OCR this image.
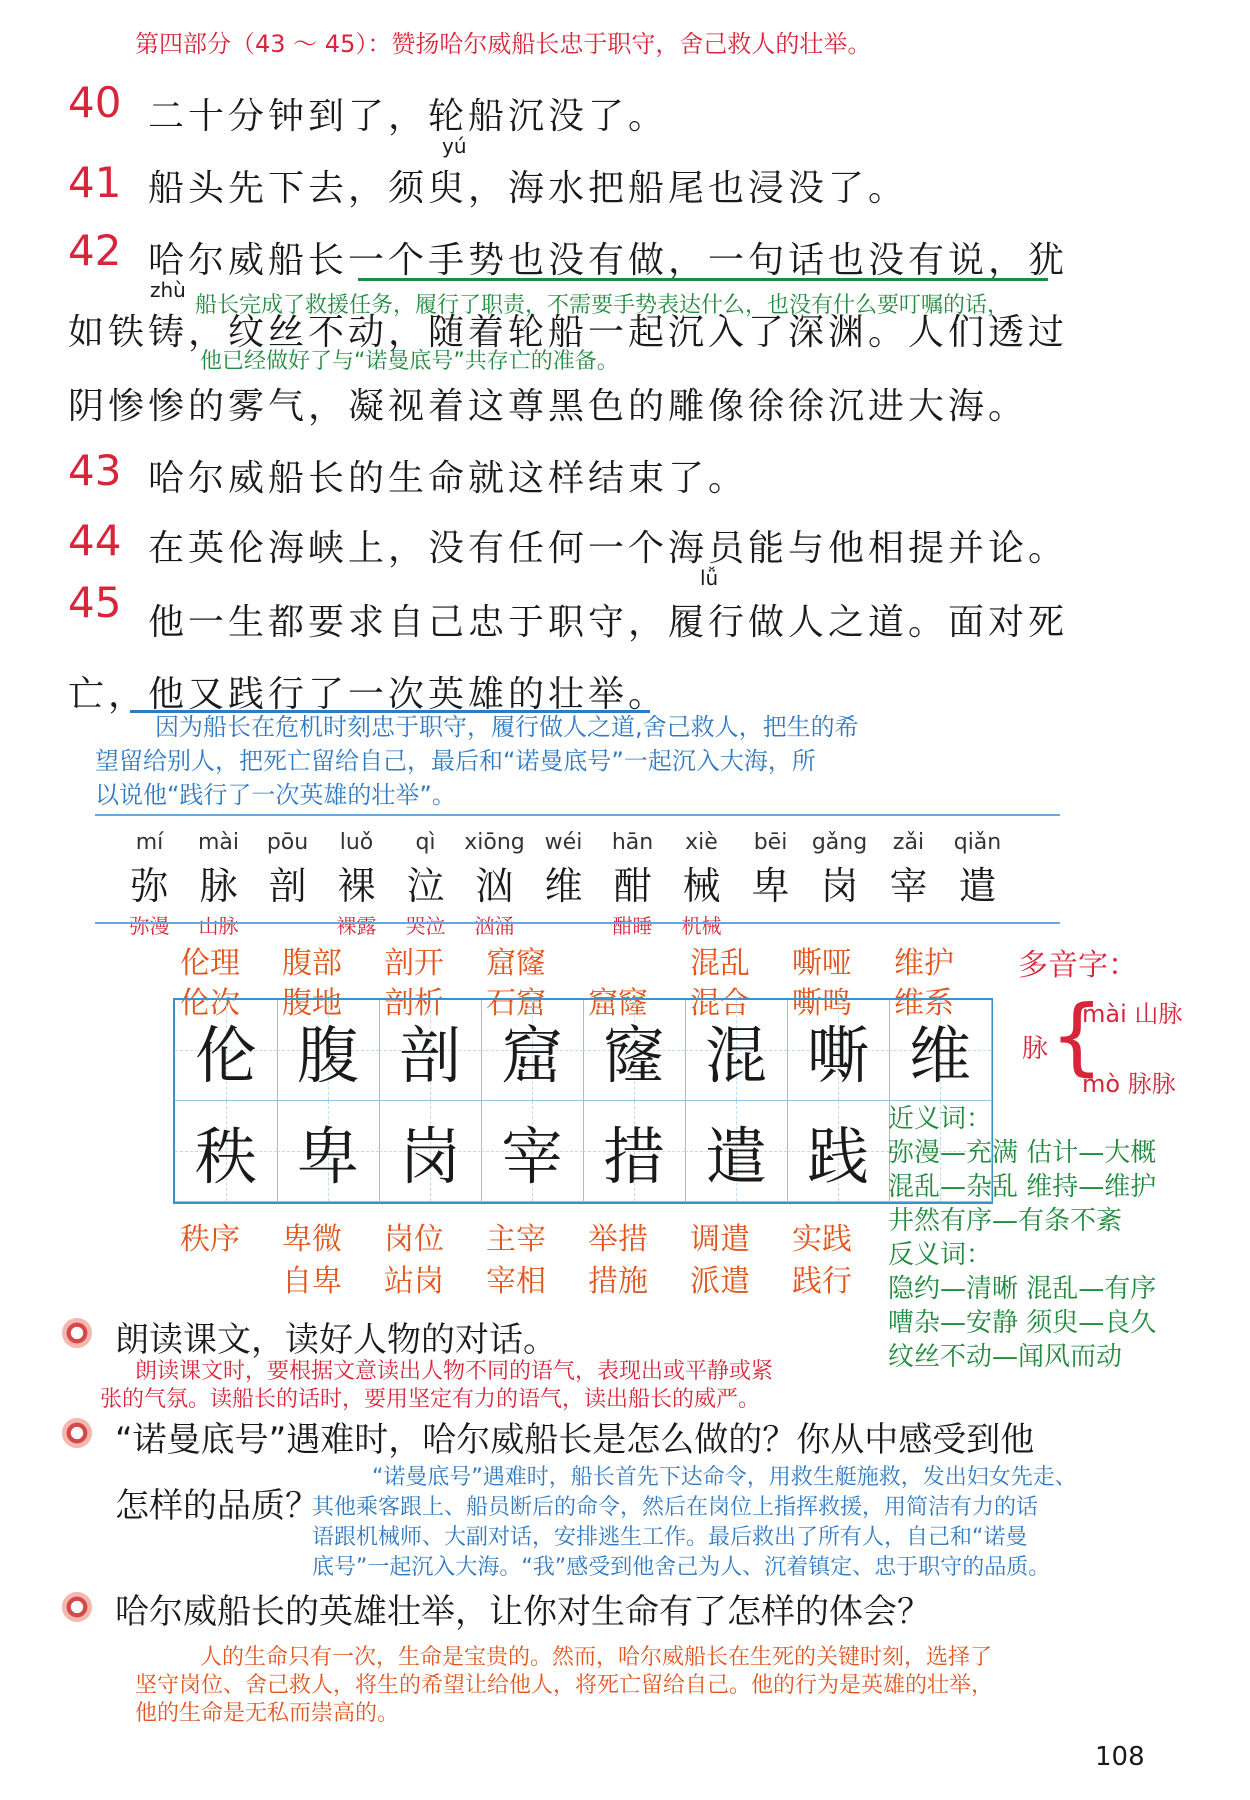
第四部分（43 ～ 45）：赞扬哈尔威船长忠于职守，舍己救人的壮举。
40 二十分钟到了，轮船沉没了。
yú
41 船头先下去，须臾，海水把船尾也浸没了。
42 哈尔威船长一个手势也没有做，一句话也没有说，犹
zhù
船长完成了救援任务，履行了职责，不需要手势表达什么，也没有什么要叮嘱的话，
如铁铸，纹丝不动，随着轮船一起沉入了深渊。人们透过
他已经做好了与“诺曼底号”共存亡的准备。
阴惨惨的雾气，凝视着这尊黑色的雕像徐徐沉进大海。
43 哈尔威船长的生命就这样结束了。
44 在英伦海峡上，没有任何一个海员能与他相提并论。
lǚ
45 他一生都要求自己忠于职守，履行做人之道。面对死
亡，他又践行了一次英雄的壮举。
因为船长在危机时刻忠于职守，履行做人之道,舍己救人，把生的希
望留给别人，把死亡留给自己，最后和“诺曼底号”一起沉入大海，所
以说他“践行了一次英雄的壮举”。
mí
弥
弥漫
mài
脉
山脉
pōu
剖
luǒ
裸
裸露
qì
泣
哭泣
xiōng
汹
汹涌
wéi
维
hān
酣
酣睡
xiè
械
机械
bēi
卑
gǎng
岗
zǎi
宰
qiǎn
遣
伦理
伦次
腹部
腹地
剖开
剖析
窟窿
石窟 窟窿
混乱
混合
嘶哑
嘶鸣
维护
维系
伦 腹 剖 窟 窿 混 嘶 维
秩 卑 岗 宰 措 遣 践
秩序 卑微
自卑
岗位
站岗
主宰
宰相
举措
措施
调遣
派遣
实践
践行
多音字：
脉 {
mài 山脉
mò 脉脉
近义词：
弥漫—充满 估计—大概
混乱—杂乱 维持—维护
井然有序—有条不紊
反义词：
隐约—清晰 混乱—有序
嘈杂—安静 须臾—良久
纹丝不动—闻风而动
朗读课文，读好人物的对话。
朗读课文时，要根据文意读出人物不同的语气，表现出或平静或紧
张的气氛。读船长的话时，要用坚定有力的语气，读出船长的威严。
“诺曼底号”遇难时，哈尔威船长是怎么做的？你从中感受到他
“诺曼底号”遇难时，船长首先下达命令，用救生艇施救，发出妇女先走、
怎样的品质？
其他乘客跟上、船员断后的命令，然后在岗位上指挥救援，用简洁有力的话
语跟机械师、大副对话，安排逃生工作。最后救出了所有人，自己和“诺曼
底号”一起沉入大海。“我”感受到他舍己为人、沉着镇定、忠于职守的品质。
哈尔威船长的英雄壮举，让你对生命有了怎样的体会？
人的生命只有一次，生命是宝贵的。然而，哈尔威船长在生死的关键时刻，选择了
坚守岗位、舍己救人，将生的希望让给他人，将死亡留给自己。他的行为是英雄的壮举，
他的生命是无私而崇高的。
108
